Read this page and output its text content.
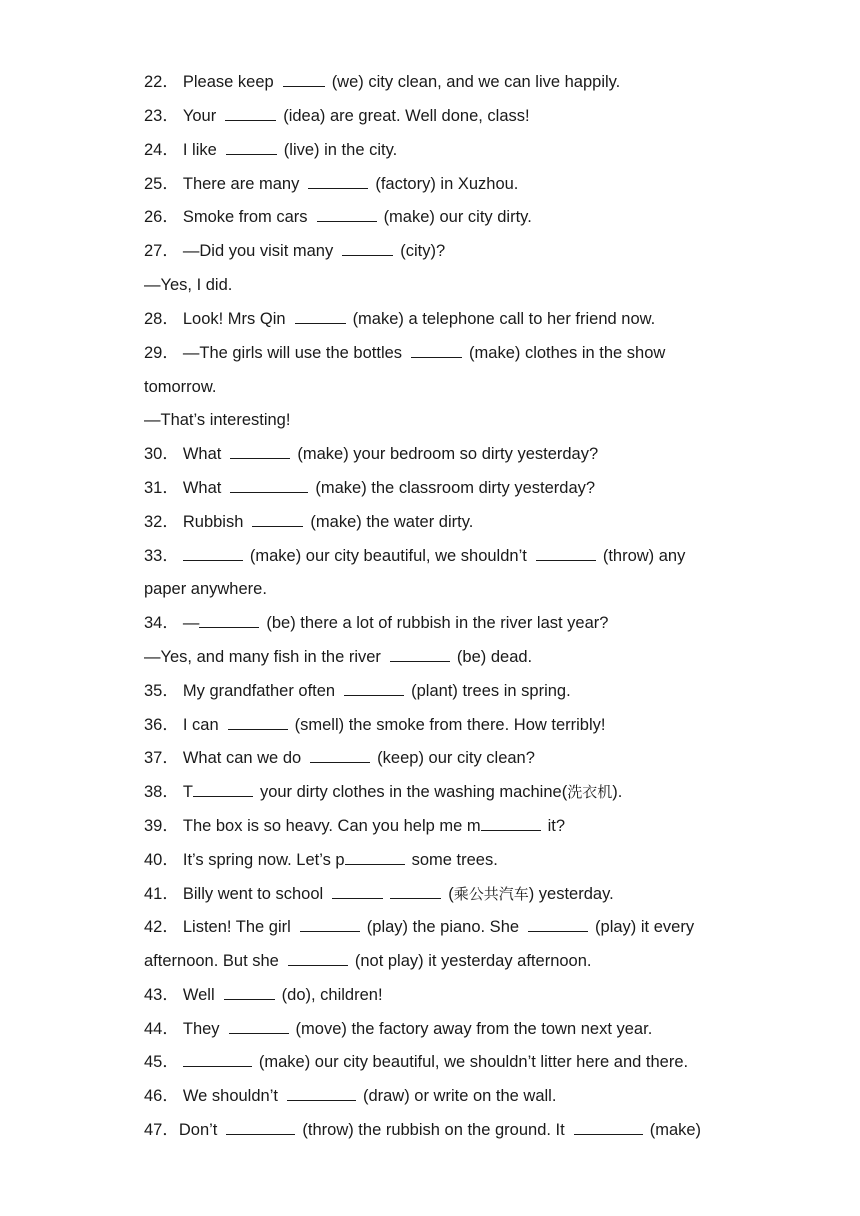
22． Please keep	(we) city clean, and we can live happily.
23． Your	(idea) are great. Well done, class!
24． I like	(live) in the city.
25． There are many	(factory) in Xuzhou.
26． Smoke from cars	(make) our city dirty.
27． —Did you visit many	(city)?
—Yes, I did.
28． Look! Mrs Qin	(make) a telephone call to her friend now.
29． —The girls will use the bottles	(make) clothes in the show
tomorrow.
—That’s interesting!
30． What	(make) your bedroom so dirty yesterday?
31． What	(make) the classroom dirty yesterday?
32． Rubbish	(make) the water dirty.
33．	(make) our city beautiful, we shouldn’t	(throw) any
paper anywhere.
34． —	(be) there a lot of rubbish in the river last year?
—Yes, and many fish in the river	(be) dead.
35． My grandfather often	(plant) trees in spring.
36． I can	(smell) the smoke from there. How terribly!
37． What can we do	(keep) our city clean?
38． T	your dirty clothes in the washing machine(洗衣机).
39． The box is so heavy. Can you help me m	it?
40． It’s spring now. Let’s p	some trees.
41． Billy went to school	(乘公共汽车) yesterday.
42． Listen! The girl	(play) the piano. She	(play) it every
afternoon. But she	(not play) it yesterday afternoon.
43． Well	(do), children!
44． They	(move) the factory away from the town next year.
45．	(make) our city beautiful, we shouldn’t litter here and there.
46． We shouldn’t	(draw) or write on the wall.
47．Don’t	(throw) the rubbish on the ground. It	(make)
